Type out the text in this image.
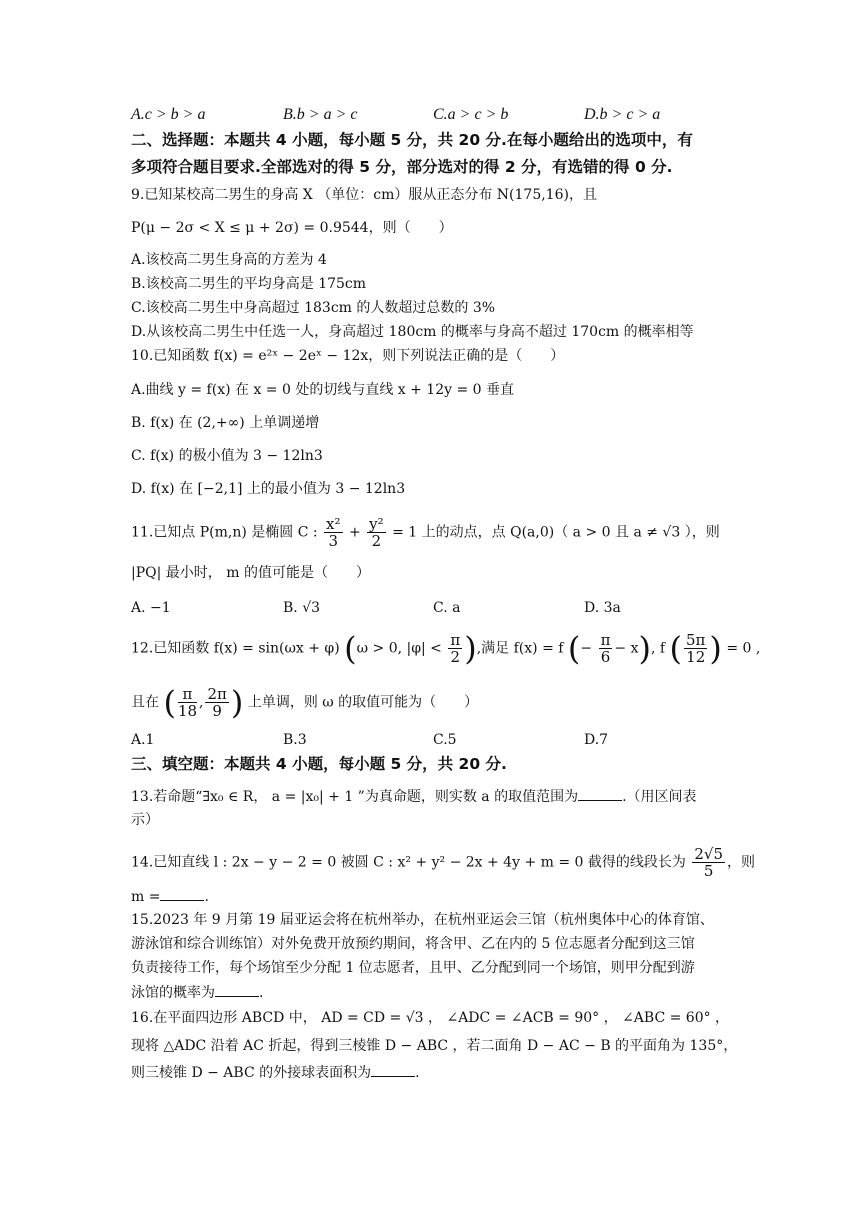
A.c > b > a	B.b > a > c	C.a > c > b	D.b > c > a
二、选择题：本题共 4 小题，每小题 5 分，共 20 分.在每小题给出的选项中，有
多项符合题目要求.全部选对的得 5 分，部分选对的得 2 分，有选错的得 0 分.
9.已知某校高二男生的身高 X （单位：cm）服从正态分布 N(175,16)，且
P(μ − 2σ < X ≤ μ + 2σ) = 0.9544，则（　　）
A.该校高二男生身高的方差为 4
B.该校高二男生的平均身高是 175cm
C.该校高二男生中身高超过 183cm 的人数超过总数的 3%
D.从该校高二男生中任选一人，身高超过 180cm 的概率与身高不超过 170cm 的概率相等
10.已知函数 f(x) = e²ˣ − 2eˣ − 12x，则下列说法正确的是（　　）
A.曲线 y = f(x) 在 x = 0 处的切线与直线 x + 12y = 0 垂直
B. f(x) 在 (2,+∞) 上单调递增
C. f(x) 的极小值为 3 − 12ln3
D. f(x) 在 [−2,1] 上的最小值为 3 − 12ln3
11.已知点 P(m,n) 是椭圆 C : $\frac{\text{x²}}{3} + \frac{\text{y²}}{2} = 1$ 上的动点，点 Q(a,0)（ a > 0 且 a ≠ √3 ），则
|PQ| 最小时， m 的值可能是（　　）
A. −1	B. √3	C. a	D. 3a
12.已知函数 f(x) = sin(ωx + φ) (ω > 0, $|\varphi| < \frac{\pi}{2}$ ),满足 f(x) = f (− $\frac{\pi}{6} - x$), f ( $\frac{5\pi}{12}$ ) = 0 ,
且在 ( $\frac{\pi}{18}$ , $\frac{2\pi}{9}$ ) 上单调，则 ω 的取值可能为（　　）
A.1	B.3	C.5	D.7
三、填空题：本题共 4 小题，每小题 5 分，共 20 分.
13.若命题“∃x₀ ∈ R， a = |x₀| + 1 ”为真命题，则实数 a 的取值范围为	.（用区间表
示）
14.已知直线 l : 2x − y − 2 = 0 被圆 C : x² + y² − 2x + 4y + m = 0 截得的线段长为 $\frac{2√5}{5}$ ，则
m =	.
15.2023 年 9 月第 19 届亚运会将在杭州举办，在杭州亚运会三馆（杭州奥体中心的体育馆、
游泳馆和综合训练馆）对外免费开放预约期间，将含甲、乙在内的 5 位志愿者分配到这三馆
负责接待工作，每个场馆至少分配 1 位志愿者，且甲、乙分配到同一个场馆，则甲分配到游
泳馆的概率为	.
16.在平面四边形 ABCD 中， AD = CD = √3 ， ∠ADC = ∠ACB = 90° ， ∠ABC = 60° ，
现将 △ADC 沿着 AC 折起，得到三棱锥 D − ABC ，若二面角 D − AC − B 的平面角为 135°，
则三棱锥 D − ABC 的外接球表面积为	.
